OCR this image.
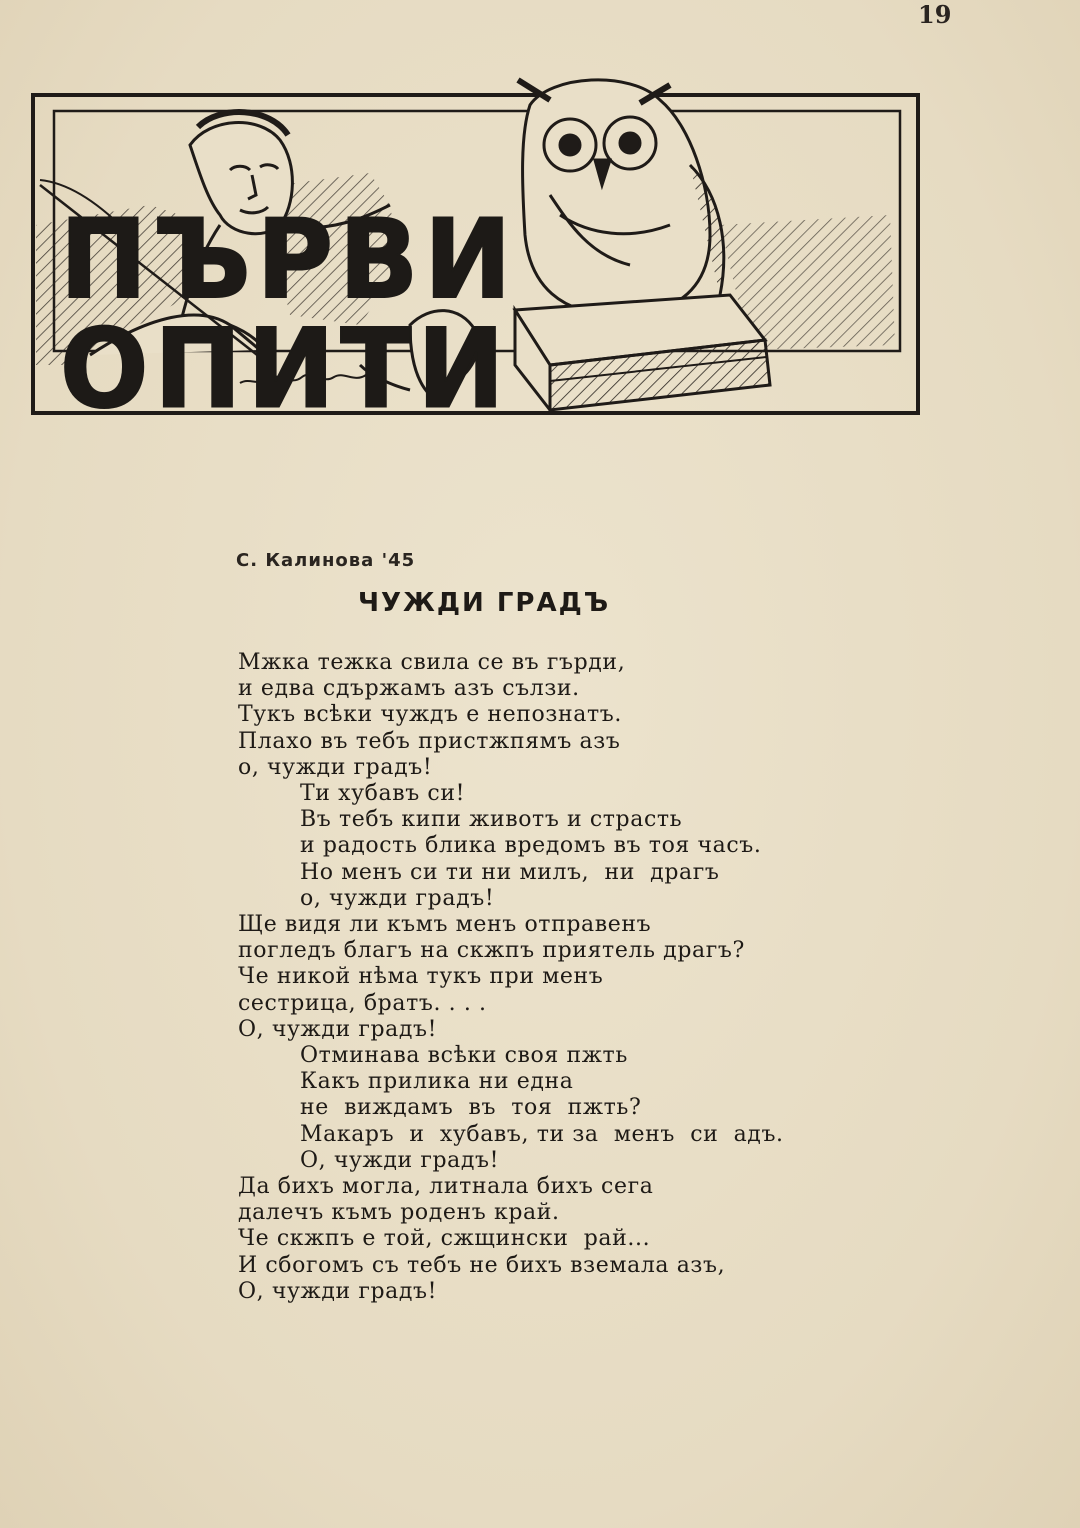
19
ПЪРВИ ОПИТИ
С. Калинова '45
ЧУЖДИ ГРАДЪ
Мжка тежка свила се въ гърди,
и едва сдържамъ азъ сълзи.
Тукъ всѣки чуждъ е непознатъ.
Плахо въ тебъ пристжпямъ азъ
о, чужди градъ!
Ти хубавъ си!
Въ тебъ кипи животъ и страсть
и радость блика вредомъ въ тоя часъ.
Но менъ си ти ни милъ,  ни  драгъ
о, чужди градъ!
Ще видя ли къмъ менъ отправенъ
погледъ благъ на скжпъ приятель драгъ?
Че никой нѣма тукъ при менъ
сестрица, братъ. . . .
О, чужди градъ!
Отминава всѣки своя пжть
Какъ прилика ни една
не  виждамъ  въ  тоя  пжть?
Макаръ  и  хубавъ, ти за  менъ  си  адъ.
О, чужди градъ!
Да бихъ могла, литнала бихъ сега
далечъ къмъ роденъ край.
Че скжпъ е той, сжщински  рай...
И сбогомъ съ тебъ не бихъ вземала азъ,
О, чужди градъ!
